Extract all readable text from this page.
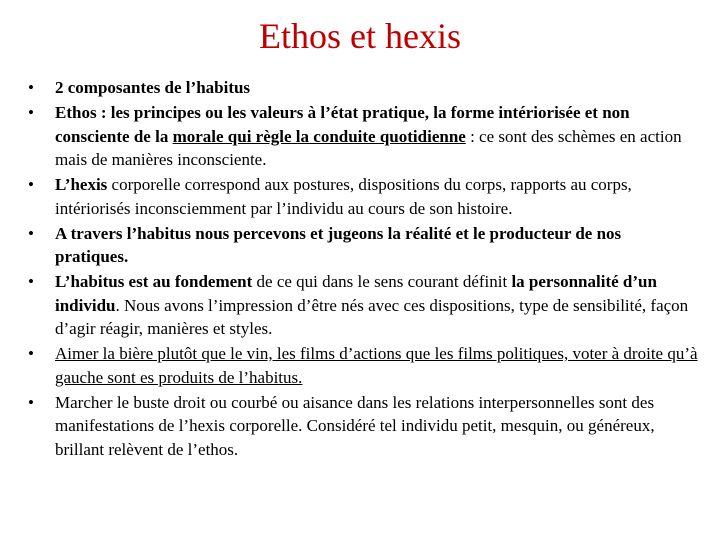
Ethos et hexis
•	2 composantes de l’habitus
•	Ethos : les principes ou les valeurs à l’état pratique, la forme intériorisée et non consciente de la morale qui règle la conduite quotidienne : ce sont des schèmes en action mais de manières inconsciente.
•	L’hexis corporelle correspond aux postures, dispositions du corps, rapports au corps, intériorisés inconsciemment par l’individu au cours de son histoire.
•	A travers l’habitus nous percevons et jugeons la réalité et le producteur de nos pratiques.
•	L’habitus est au fondement de ce qui dans le sens courant définit la personnalité d’un individu. Nous avons l’impression d’être nés avec ces dispositions, type de sensibilité, façon d’agir réagir, manières et styles.
•	Aimer la bière plutôt que le vin, les films d’actions que les films politiques, voter à droite qu’à gauche sont es produits de l’habitus.
•	Marcher le buste droit ou courbé ou aisance dans les relations interpersonnelles sont des manifestations de l’hexis corporelle. Considéré tel individu petit, mesquin, ou généreux, brillant relèvent de l’ethos.
